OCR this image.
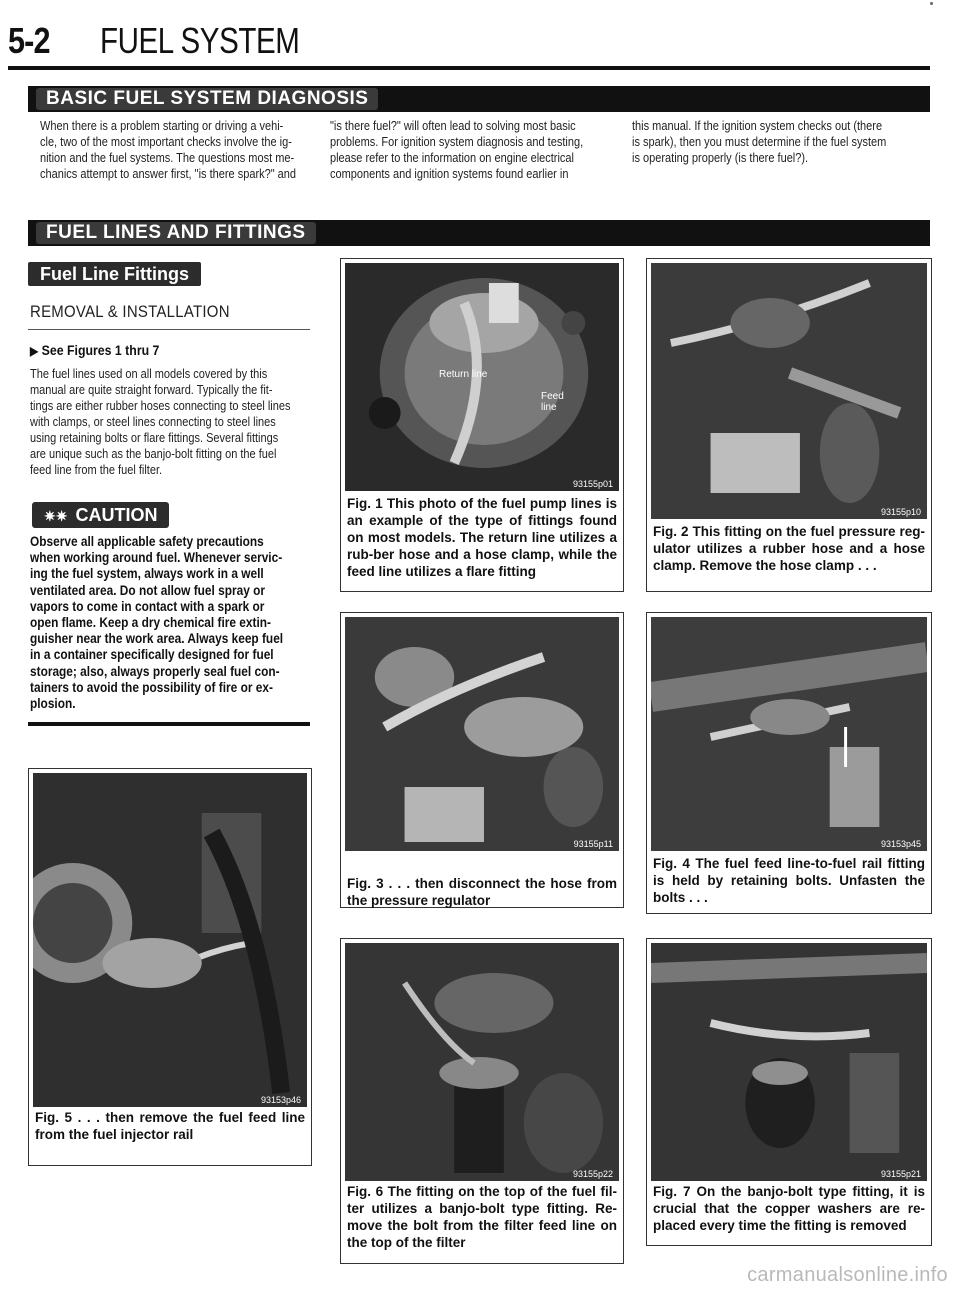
5-2 FUEL SYSTEM
BASIC FUEL SYSTEM DIAGNOSIS
When there is a problem starting or driving a vehi-
cle, two of the most important checks involve the ig-
nition and the fuel systems. The questions most me-
chanics attempt to answer first, "is there spark?" and
"is there fuel?" will often lead to solving most basic
problems. For ignition system diagnosis and testing,
please refer to the information on engine electrical
components and ignition systems found earlier in
this manual. If the ignition system checks out (there
is spark), then you must determine if the fuel system
is operating properly (is there fuel?).
FUEL LINES AND FITTINGS
Fuel Line Fittings
REMOVAL & INSTALLATION
▶ See Figures 1 thru 7
The fuel lines used on all models covered by this
manual are quite straight forward. Typically the fit-
tings are either rubber hoses connecting to steel lines
with clamps, or steel lines connecting to steel lines
using retaining bolts or flare fittings. Several fittings
are unique such as the banjo-bolt fitting on the fuel
feed line from the fuel filter.
✷✷ CAUTION
Observe all applicable safety precautions
when working around fuel. Whenever servic-
ing the fuel system, always work in a well
ventilated area. Do not allow fuel spray or
vapors to come in contact with a spark or
open flame. Keep a dry chemical fire extin-
guisher near the work area. Always keep fuel
in a container specifically designed for fuel
storage; also, always properly seal fuel con-
tainers to avoid the possibility of fire or ex-
plosion.
Return line
Feed line
93155p01
Fig. 1 This photo of the fuel pump lines is an example of the type of fittings found on most models. The return line utilizes a rub-ber hose and a hose clamp, while the feed line utilizes a flare fitting
93155p10
Fig. 2 This fitting on the fuel pressure reg-ulator utilizes a rubber hose and a hose clamp. Remove the hose clamp . . .
93155p11
Fig. 3 . . . then disconnect the hose from the pressure regulator
93153p45
Fig. 4 The fuel feed line-to-fuel rail fitting is held by retaining bolts. Unfasten the bolts . . .
93153p46
Fig. 5 . . . then remove the fuel feed line from the fuel injector rail
93155p22
Fig. 6 The fitting on the top of the fuel fil-ter utilizes a banjo-bolt type fitting. Re-move the bolt from the filter feed line on the top of the filter
93155p21
Fig. 7 On the banjo-bolt type fitting, it is crucial that the copper washers are re-placed every time the fitting is removed
carmanualsonline.info
